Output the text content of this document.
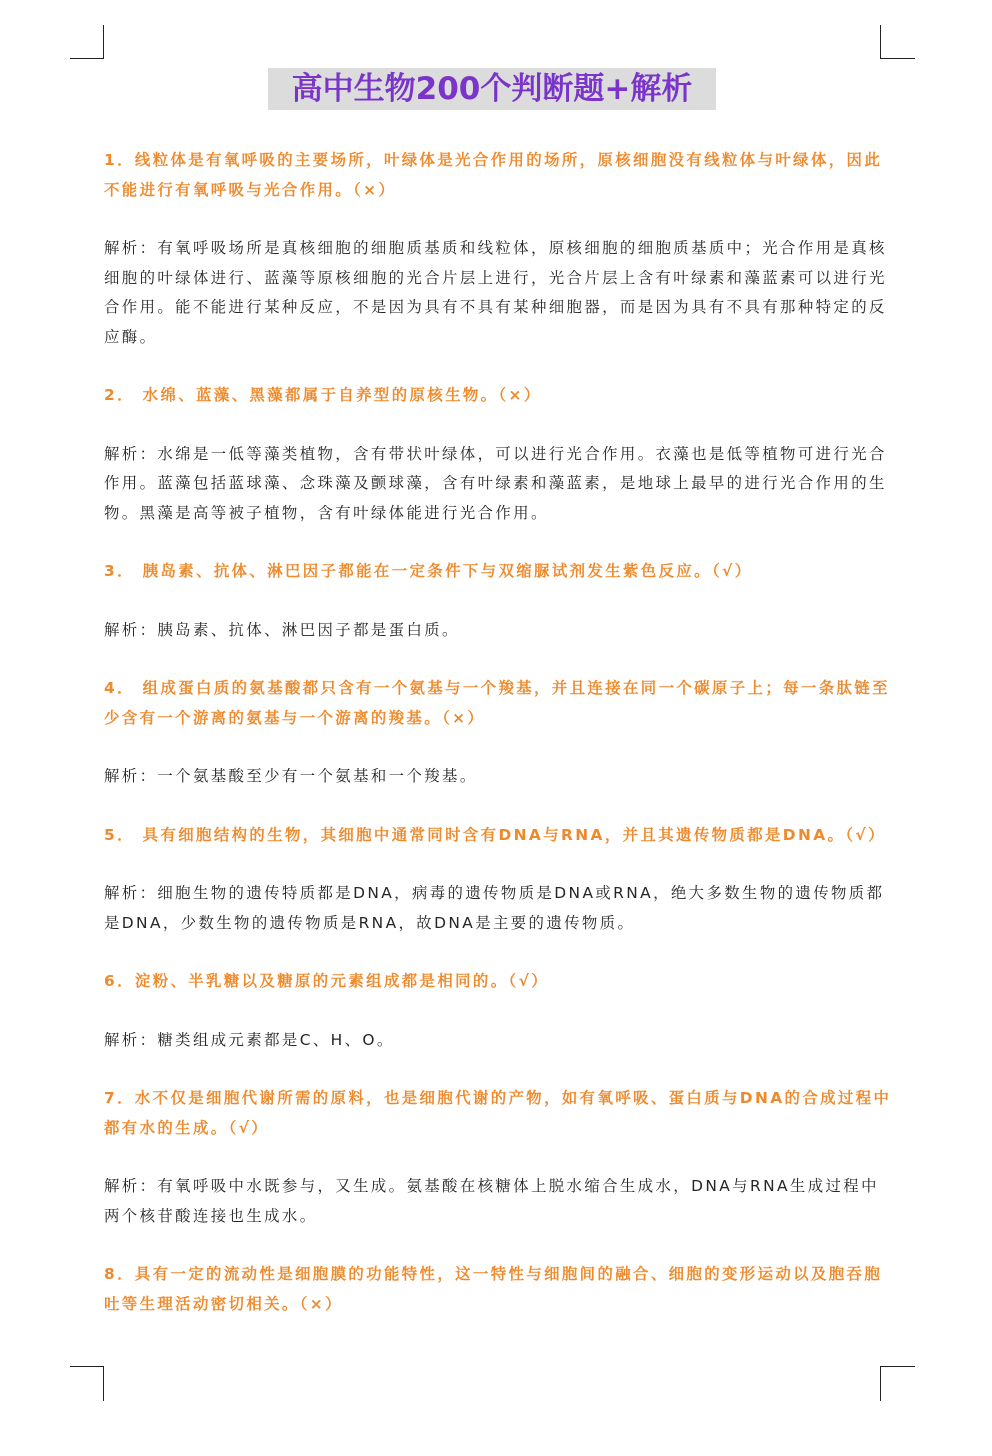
高中生物200个判断题+解析

1．线粒体是有氧呼吸的主要场所，叶绿体是光合作用的场所，原核细胞没有线粒体与叶绿体，因此不能进行有氧呼吸与光合作用。（×）

解析：有氧呼吸场所是真核细胞的细胞质基质和线粒体，原核细胞的细胞质基质中；光合作用是真核细胞的叶绿体进行、蓝藻等原核细胞的光合片层上进行，光合片层上含有叶绿素和藻蓝素可以进行光合作用。能不能进行某种反应，不是因为具有不具有某种细胞器，而是因为具有不具有那种特定的反应酶。

2． 水绵、蓝藻、黑藻都属于自养型的原核生物。（×）

解析：水绵是一低等藻类植物，含有带状叶绿体，可以进行光合作用。衣藻也是低等植物可进行光合作用。蓝藻包括蓝球藻、念珠藻及颤球藻，含有叶绿素和藻蓝素，是地球上最早的进行光合作用的生物。黑藻是高等被子植物，含有叶绿体能进行光合作用。

3． 胰岛素、抗体、淋巴因子都能在一定条件下与双缩脲试剂发生紫色反应。（√）

解析：胰岛素、抗体、淋巴因子都是蛋白质。

4． 组成蛋白质的氨基酸都只含有一个氨基与一个羧基，并且连接在同一个碳原子上；每一条肽链至少含有一个游离的氨基与一个游离的羧基。（×）

解析：一个氨基酸至少有一个氨基和一个羧基。

5． 具有细胞结构的生物，其细胞中通常同时含有DNA与RNA，并且其遗传物质都是DNA。（√）

解析：细胞生物的遗传特质都是DNA，病毒的遗传物质是DNA或RNA，绝大多数生物的遗传物质都是DNA，少数生物的遗传物质是RNA，故DNA是主要的遗传物质。

6．淀粉、半乳糖以及糖原的元素组成都是相同的。（√）

解析：糖类组成元素都是C、H、O。

7．水不仅是细胞代谢所需的原料，也是细胞代谢的产物，如有氧呼吸、蛋白质与DNA的合成过程中都有水的生成。（√）

解析：有氧呼吸中水既参与，又生成。氨基酸在核糖体上脱水缩合生成水，DNA与RNA生成过程中两个核苷酸连接也生成水。

8．具有一定的流动性是细胞膜的功能特性，这一特性与细胞间的融合、细胞的变形运动以及胞吞胞吐等生理活动密切相关。（×）
